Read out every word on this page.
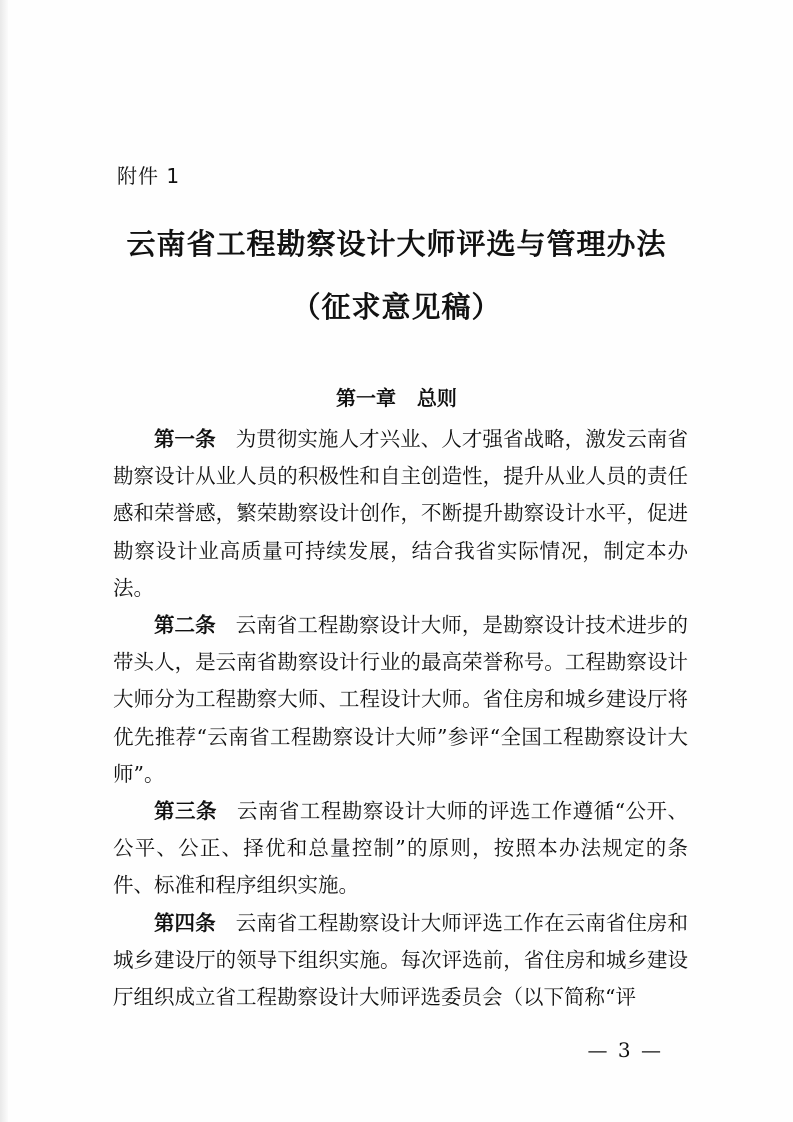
附件 1
云南省工程勘察设计大师评选与管理办法
（征求意见稿）
第一章   总则

第一条 为贯彻实施人才兴业、人才强省战略，激发云南省勘察设计从业人员的积极性和自主创造性，提升从业人员的责任感和荣誉感，繁荣勘察设计创作，不断提升勘察设计水平，促进勘察设计业高质量可持续发展，结合我省实际情况，制定本办法。

第二条 云南省工程勘察设计大师，是勘察设计技术进步的带头人，是云南省勘察设计行业的最高荣誉称号。工程勘察设计大师分为工程勘察大师、工程设计大师。省住房和城乡建设厅将优先推荐“云南省工程勘察设计大师”参评“全国工程勘察设计大师”。

第三条 云南省工程勘察设计大师的评选工作遵循“公开、公平、公正、择优和总量控制”的原则，按照本办法规定的条件、标准和程序组织实施。

第四条 云南省工程勘察设计大师评选工作在云南省住房和城乡建设厅的领导下组织实施。每次评选前，省住房和城乡建设厅组织成立省工程勘察设计大师评选委员会（以下简称“评

— 3 —
